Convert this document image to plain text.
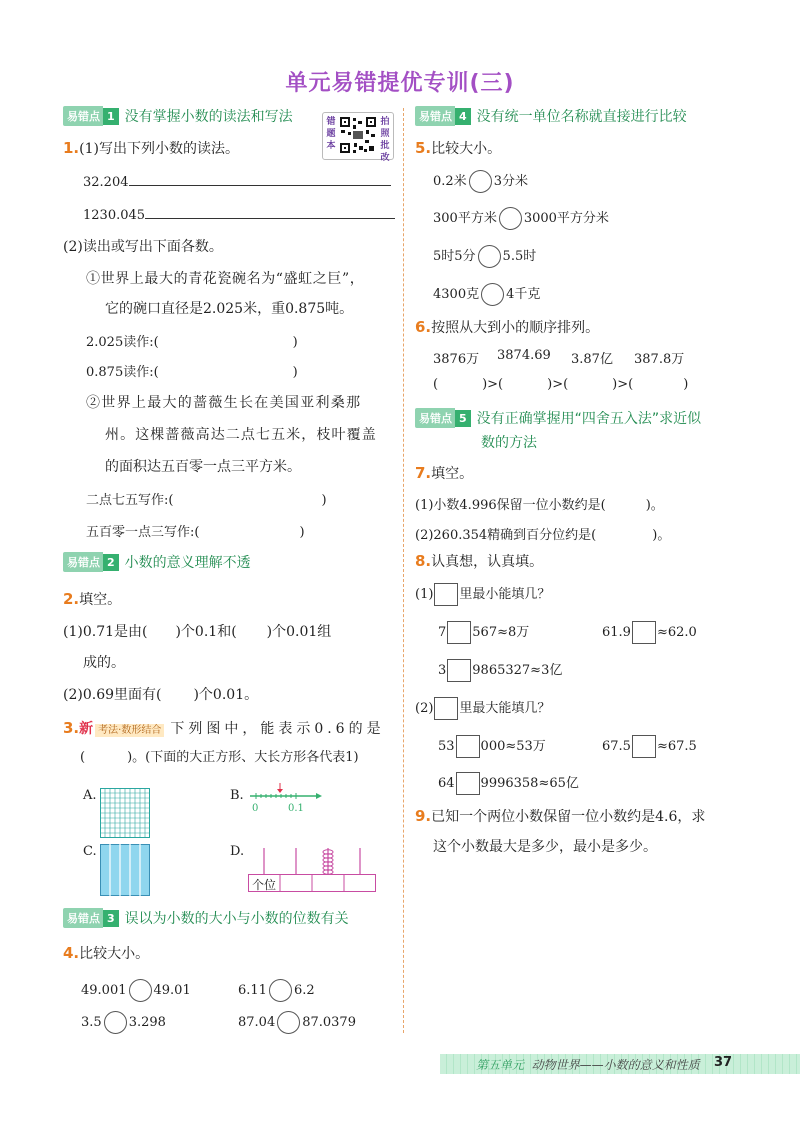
单元易错提优专训(三)
错题本
拍照批改
易错点 1 没有掌握小数的读法和写法
1.(1)写出下列小数的读法。
32.204
1230.045
(2)读出或写出下面各数。
①世界上最大的青花瓷碗名为“盛虹之巨”，
它的碗口直径是2.025米，重0.875吨。
2.025读作:(	)
0.875读作:(	)
②世界上最大的蔷薇生长在美国亚利桑那
州。这棵蔷薇高达二点七五米，枝叶覆盖
的面积达五百零一点三平方米。
二点七五写作:(	)
五百零一点三写作:(	)
易错点 2 小数的意义理解不透
2.填空。
(1)0.71是由( )个0.1和( )个0.01组
成的。
(2)0.69里面有( )个0.01。
3.新 考法·数形结合 下列图中，能表示0.6的是
(	)。(下面的大正方形、大长方形各代表1)
A.	B.
0	0.1
C.	D.
个位
易错点 3 误以为小数的大小与小数的位数有关
4.比较大小。
49.001 49.01	6.11 6.2
3.5 3.298	87.04 87.0379
易错点 4 没有统一单位名称就直接进行比较
5.比较大小。
0.2米 3分米
300平方米 3000平方分米
5时5分 5.5时
4300克 4千克
6.按照从大到小的顺序排列。
3876万 3874.69 3.87亿 387.8万
(	)>(	)>(	)>(	)
易错点 5 没有正确掌握用“四舍五入法”求近似
数的方法
7.填空。
(1)小数4.996保留一位小数约是(	)。
(2)260.354精确到百分位约是(	)。
8.认真想，认真填。
(1) 里最小能填几？
7 567≈8万	61.9 ≈62.0
3 9865327≈3亿
(2) 里最大能填几？
53 000≈53万	67.5 ≈67.5
64 9996358≈65亿
9.已知一个两位小数保留一位小数约是4.6，求
这个小数最大是多少，最小是多少。
第五单元 动物世界——小数的意义和性质 37
